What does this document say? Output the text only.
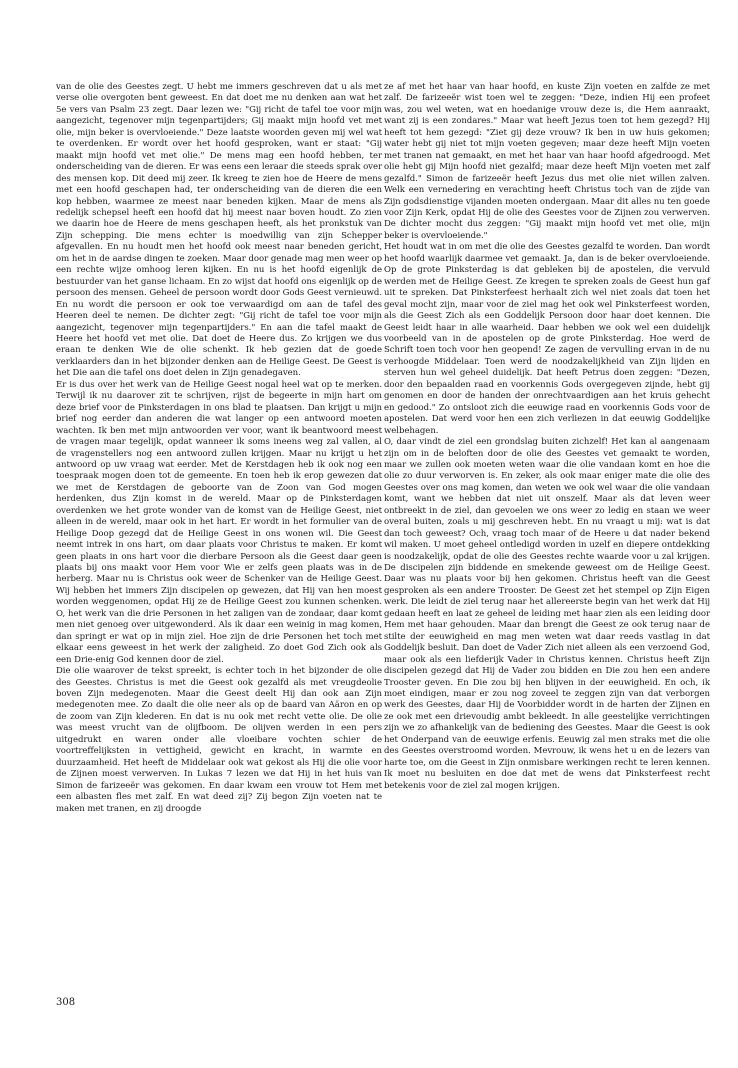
van de olie des Geestes zegt. U hebt me immers geschreven dat u als met verse olie overgoten bent geweest. En dat doet me nu denken aan wat het 5e vers van Psalm 23 zegt. Daar lezen we: "Gij richt de tafel toe voor mijn aangezicht, tegenover mijn tegenpartijders; Gij maakt mijn hoofd vet met olie, mijn beker is overvloeiende." Deze laatste woorden geven mij wel wat te overdenken. Er wordt over het hoofd gesproken, want er staat: "Gij maakt mijn hoofd vet met olie." De mens mag een hoofd hebben, ter onderscheiding van de dieren. Er was eens een leraar die steeds sprak over des mensen kop. Dit deed mij zeer. Ik kreeg te zien hoe de Heere de mens met een hoofd geschapen had, ter onderscheiding van de dieren die een kop hebben, waarmee ze meest naar beneden kijken. Maar de mens als redelijk schepsel heeft een hoofd dat hij meest naar boven houdt. Zo zien we daarin hoe de Heere de mens geschapen heeft, als het pronkstuk van Zijn schepping. Die mens echter is moedwillig van zijn Schepper afgevallen. En nu houdt men het hoofd ook meest naar beneden gericht, om het in de aardse dingen te zoeken. Maar door genade mag men weer op een rechte wijze omhoog leren kijken. En nu is het hoofd eigenlijk de bestuurder van het ganse lichaam. En zo wijst dat hoofd ons eigenlijk op de persoon des mensen. Geheel de persoon wordt door Gods Geest vernieuwd. En nu wordt die persoon er ook toe verwaardigd om aan de tafel des Heeren deel te nemen. De dichter zegt: "Gij richt de tafel toe voor mijn aangezicht, tegenover mijn tegenpartijders." En aan die tafel maakt de Heere het hoofd vet met olie. Dat doet de Heere dus. Zo krijgen we dus eraan te denken Wie de olie schenkt. Ik heb gezien dat de goede verklaarders dan in het bijzonder denken aan de Heilige Geest. De Geest is het Die aan die tafel ons doet delen in Zijn genadegaven.

Er is dus over het werk van de Heilige Geest nogal heel wat op te merken. Terwijl ik nu daarover zit te schrijven, rijst de begeerte in mijn hart om deze brief voor de Pinksterdagen in ons blad te plaatsen. Dan krijgt u mijn brief nog eerder dan anderen die wat langer op een antwoord moeten wachten. Ik ben met mijn antwoorden ver voor, want ik beantwoord meest de vragen maar tegelijk, opdat wanneer ik soms ineens weg zal vallen, al de vragenstellers nog een antwoord zullen krijgen. Maar nu krijgt u het antwoord op uw vraag wat eerder. Met de Kerstdagen heb ik ook nog een toespraak mogen doen tot de gemeente. En toen heb ik erop gewezen dat we met de Kerstdagen de geboorte van de Zoon van God mogen herdenken, dus Zijn komst in de wereld. Maar op de Pinksterdagen overdenken we het grote wonder van de komst van de Heilige Geest, niet alleen in de wereld, maar ook in het hart. Er wordt in het formulier van de Heilige Doop gezegd dat de Heilige Geest in ons wonen wil. Die Geest neemt intrek in ons hart, om daar plaats voor Christus te maken. Er komt geen plaats in ons hart voor die dierbare Persoon als die Geest daar geen plaats bij ons maakt voor Hem voor Wie er zelfs geen plaats was in de herberg. Maar nu is Christus ook weer de Schenker van de Heilige Geest. Wij hebben het immers Zijn discipelen op gewezen, dat Hij van hen moest worden weggenomen, opdat Hij ze de Heilige Geest zou kunnen schenken. O, het werk van die drie Personen in het zaligen van de zondaar, daar komt men niet genoeg over uitgewonderd. Als ik daar een weinig in mag komen, dan springt er wat op in mijn ziel. Hoe zijn de drie Personen het toch met elkaar eens geweest in het werk der zaligheid. Zo doet God Zich ook als een Drie-enig God kennen door de ziel.

Die olie waarover de tekst spreekt, is echter toch in het bijzonder de olie des Geestes. Christus is met die Geest ook gezalfd als met vreugdeolie boven Zijn medegenoten. Maar die Geest deelt Hij dan ook aan Zijn medegenoten mee. Zo daalt die olie neer als op de baard van Aäron en op de zoom van Zijn klederen. En dat is nu ook met recht vette olie. De olie was meest vrucht van de olijfboom. De olijven werden in een pers uitgedrukt en waren onder alle vloeibare vochten schier de voortreffelijksten in vettigheid, gewicht en kracht, in warmte en duurzaamheid. Het heeft de Middelaar ook wat gekost als Hij die olie voor de Zijnen moest verwerven. In Lukas 7 lezen we dat Hij in het huis van Simon de farizeeër was gekomen. En daar kwam een vrouw tot Hem met een albasten fles met zalf. En wat deed zij? Zij begon Zijn voeten nat te maken met tranen, en zij droogde

ze af met het haar van haar hoofd, en kuste Zijn voeten en zalfde ze met zalf. De farizeeër wist toen wel te zeggen: "Deze, indien Hij een profeet was, zou wel weten, wat en hoedanige vrouw deze is, die Hem aanraakt, want zij is een zondares." Maar wat heeft Jezus toen tot hem gezegd? Hij heeft tot hem gezegd: "Ziet gij deze vrouw? Ik ben in uw huis gekomen; water hebt gij niet tot mijn voeten gegeven; maar deze heeft Mijn voeten met tranen nat gemaakt, en met het haar van haar hoofd afgedroogd. Met olie hebt gij Mijn hoofd niet gezalfd; maar deze heeft Mijn voeten met zalf gezalfd." Simon de farizeeër heeft Jezus dus met olie niet willen zalven. Welk een vernedering en verachting heeft Christus toch van de zijde van Zijn godsdienstige vijanden moeten ondergaan. Maar dit alles nu ten goede voor Zijn Kerk, opdat Hij de olie des Geestes voor de Zijnen zou verwerven. De dichter mocht dus zeggen: "Gij maakt mijn hoofd vet met olie, mijn beker is overvloeiende."

Het houdt wat in om met die olie des Geestes gezalfd te worden. Dan wordt het hoofd waarlijk daarmee vet gemaakt. Ja, dan is de beker overvloeiende. Op de grote Pinksterdag is dat gebleken bij de apostelen, die vervuld werden met de Heilige Geest. Ze kregen te spreken zoals de Geest hun gaf uit te spreken. Dat Pinksterfeest herhaalt zich wel niet zoals dat toen het geval mocht zijn, maar voor de ziel mag het ook wel Pinksterfeest worden, als die Geest Zich als een Goddelijk Persoon door haar doet kennen. Die Geest leidt haar in alle waarheid. Daar hebben we ook wel een duidelijk voorbeeld van in de apostelen op de grote Pinksterdag. Hoe werd de Schrift toen toch voor hen geopend! Ze zagen de vervulling ervan in de nu verhoogde Middelaar. Toen werd de noodzakelijkheid van Zijn lijden en sterven hun wel geheel duidelijk. Dat heeft Petrus doen zeggen: "Dezen, door den bepaalden raad en voorkennis Gods overgegeven zijnde, hebt gij genomen en door de handen der onrechtvaardigen aan het kruis gehecht en gedood." Zo ontsloot zich die eeuwige raad en voorkennis Gods voor de apostelen. Dat werd voor hen een zich verliezen in dat eeuwig Goddelijke welbehagen.

O, daar vindt de ziel een grondslag buiten zichzelf! Het kan al aangenaam zijn om in de beloften door de olie des Geestes vet gemaakt te worden, maar we zullen ook moeten weten waar die olie vandaan komt en hoe die olie zo duur verworven is. En zeker, als ook maar eniger mate die olie des Geestes over ons mag komen, dan weten we ook wel waar die olie vandaan komt, want we hebben dat niet uit onszelf. Maar als dat leven weer ontbreekt in de ziel, dan gevoelen we ons weer zo ledig en staan we weer overal buiten, zoals u mij geschreven hebt. En nu vraagt u mij: wat is dat dan toch geweest? Och, vraag toch maar of de Heere u dat nader bekend wil maken. U moet geheel ontledigd worden in uzelf en diepere ontdekking is noodzakelijk, opdat de olie des Geestes rechte waarde voor u zal krijgen. De discipelen zijn biddende en smekende geweest om de Heilige Geest. Daar was nu plaats voor bij hen gekomen. Christus heeft van die Geest gesproken als een andere Trooster. De Geest zet het stempel op Zijn Eigen werk. Die leidt de ziel terug naar het allereerste begin van het werk dat Hij gedaan heeft en laat ze geheel de leiding met haar zien als een leiding door Hem met haar gehouden. Maar dan brengt die Geest ze ook terug naar de stilte der eeuwigheid en mag men weten wat daar reeds vastlag in dat Goddelijk besluit. Dan doet de Vader Zich niet alleen als een verzoend God, maar ook als een liefderijk Vader in Christus kennen. Christus heeft Zijn discipelen gezegd dat Hij de Vader zou bidden en Die zou hen een andere Trooster geven. En Die zou bij hen blijven in der eeuwigheid. En och, ik moet eindigen, maar er zou nog zoveel te zeggen zijn van dat verborgen werk des Geestes, daar Hij de Voorbidder wordt in de harten der Zijnen en ze ook met een drievoudig ambt bekleedt. In alle geestelijke verrichtingen zijn we zo afhankelijk van de bediening des Geestes. Maar die Geest is ook het Onderpand van de eeuwige erfenis. Eeuwig zal men straks met die olie des Geestes overstroomd worden. Mevrouw, ik wens het u en de lezers van harte toe, om die Geest in Zijn onmisbare werkingen recht te leren kennen. Ik moet nu besluiten en doe dat met de wens dat Pinksterfeest recht betekenis voor de ziel zal mogen krijgen.

308
